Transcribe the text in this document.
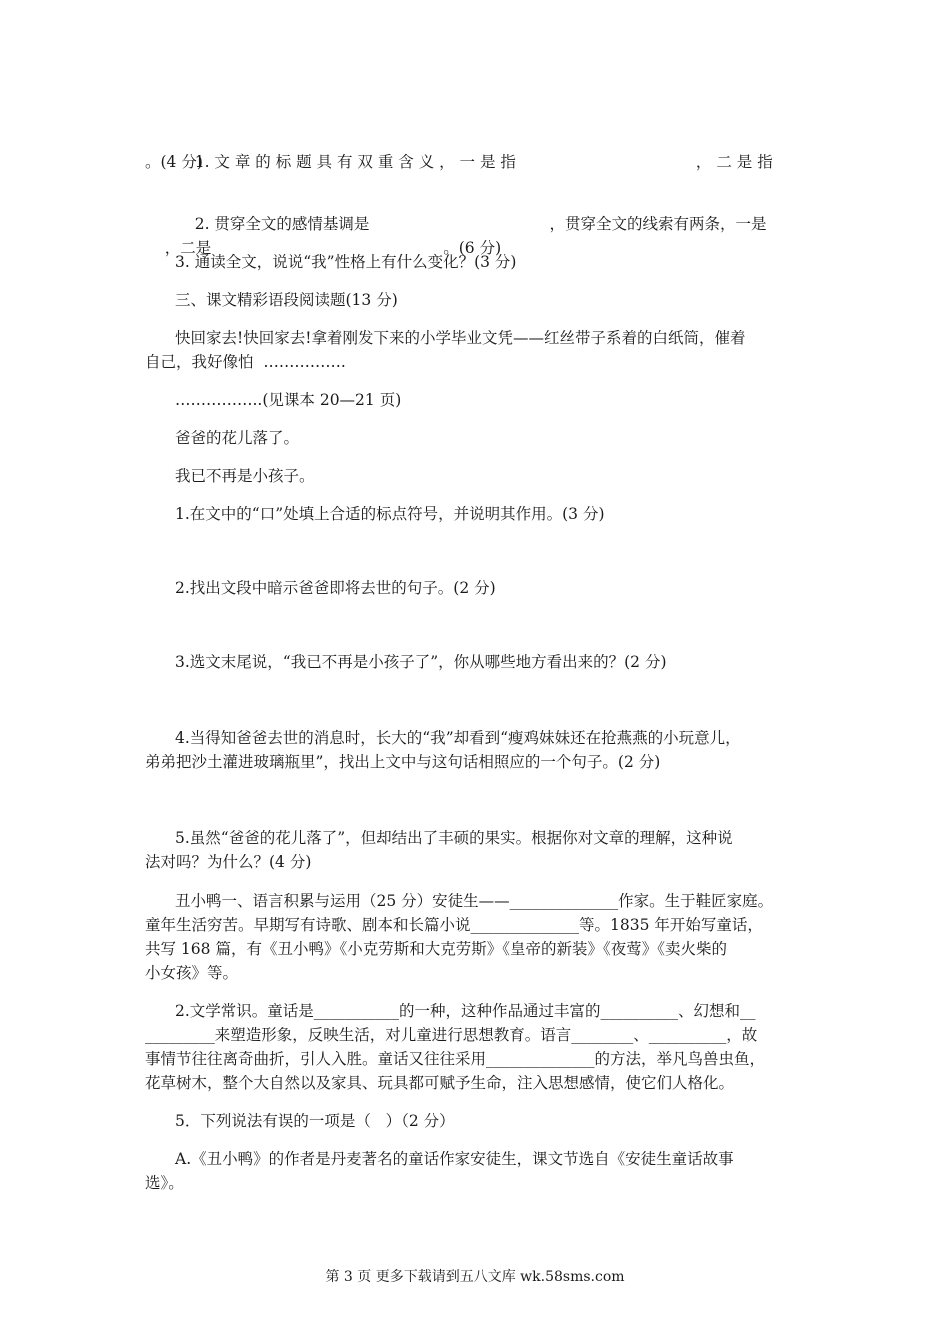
1. 文 章 的 标 题 具 有 双 重 含 义 ， 一 是 指	， 二 是 指

。(4 分)

2. 贯穿全文的感情基调是	，贯穿全文的线索有两条，一是

，二是	。(6 分)

3. 通读全文，说说“我”性格上有什么变化？(3 分)
三、课文精彩语段阅读题(13 分)
快回家去!快回家去!拿着刚发下来的小学毕业文凭——红丝带子系着的白纸筒，催着
自己，我好像怕  …………….
……………..(见课本 20—21 页)
爸爸的花儿落了。
我已不再是小孩子。
1.在文中的“口”处填上合适的标点符号，并说明其作用。(3 分)
2.找出文段中暗示爸爸即将去世的句子。(2 分)
3.选文末尾说，“我已不再是小孩子了”，你从哪些地方看出来的？(2 分)
4.当得知爸爸去世的消息时，长大的“我”却看到“瘦鸡妹妹还在抢燕燕的小玩意儿，
弟弟把沙土灌进玻璃瓶里”，找出上文中与这句话相照应的一个句子。(2 分)
5.虽然“爸爸的花儿落了”，但却结出了丰硕的果实。根据你对文章的理解，这种说
法对吗？为什么？(4 分)
丑小鸭一、语言积累与运用（25 分）安徒生——______________作家。生于鞋匠家庭。
童年生活穷苦。早期写有诗歌、剧本和长篇小说______________等。1835 年开始写童话，
共写 168 篇，有《丑小鸭》《小克劳斯和大克劳斯》《皇帝的新装》《夜莺》《卖火柴的
小女孩》等。
2.文学常识。童话是___________的一种，这种作品通过丰富的__________、幻想和__
_________来塑造形象，反映生活，对儿童进行思想教育。语言________、__________，故
事情节往往离奇曲折，引人入胜。童话又往往采用______________的方法，举凡鸟兽虫鱼，
花草树木，整个大自然以及家具、玩具都可赋予生命，注入思想感情，使它们人格化。
5．下列说法有误的一项是（   ）（2 分）
A.《丑小鸭》的作者是丹麦著名的童话作家安徒生，课文节选自《安徒生童话故事
选》。
第 3 页 更多下载请到五八文库 wk.58sms.com
